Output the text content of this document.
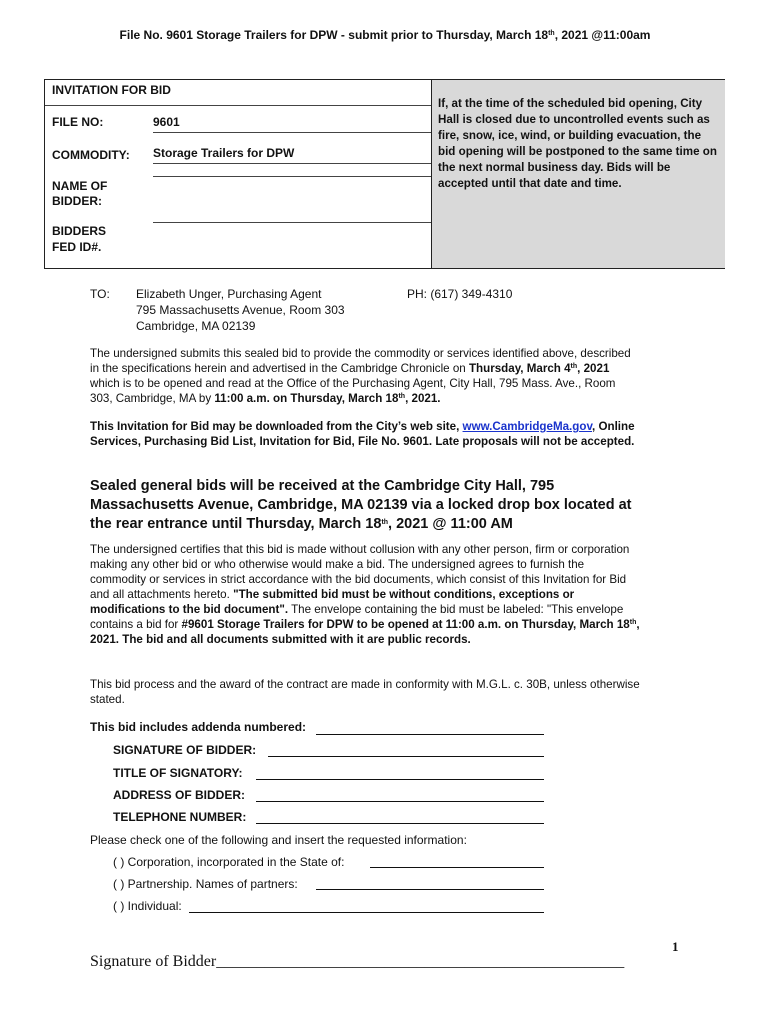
File No. 9601 Storage Trailers for DPW - submit prior to Thursday, March 18th, 2021 @11:00am
INVITATION FOR BID
FILE NO:	9601
COMMODITY: Storage Trailers for DPW
NAME OF
BIDDER:
BIDDERS
FED ID#.
If, at the time of the scheduled bid opening, City Hall is closed due to uncontrolled events such as fire, snow, ice, wind, or building evacuation, the bid opening will be postponed to the same time on the next normal business day. Bids will be accepted until that date and time.
TO: Elizabeth Unger, Purchasing Agent
795 Massachusetts Avenue, Room 303
Cambridge, MA 02139
PH: (617) 349-4310
The undersigned submits this sealed bid to provide the commodity or services identified above, described in the specifications herein and advertised in the Cambridge Chronicle on Thursday, March 4th, 2021 which is to be opened and read at the Office of the Purchasing Agent, City Hall, 795 Mass. Ave., Room 303, Cambridge, MA by 11:00 a.m. on Thursday, March 18th, 2021.
This Invitation for Bid may be downloaded from the City’s web site, www.CambridgeMa.gov, Online Services, Purchasing Bid List, Invitation for Bid, File No. 9601. Late proposals will not be accepted.
Sealed general bids will be received at the Cambridge City Hall, 795 Massachusetts Avenue, Cambridge, MA 02139 via a locked drop box located at the rear entrance until Thursday, March 18th, 2021 @ 11:00 AM
The undersigned certifies that this bid is made without collusion with any other person, firm or corporation making any other bid or who otherwise would make a bid. The undersigned agrees to furnish the commodity or services in strict accordance with the bid documents, which consist of this Invitation for Bid and all attachments hereto. "The submitted bid must be without conditions, exceptions or modifications to the bid document". The envelope containing the bid must be labeled: "This envelope contains a bid for #9601 Storage Trailers for DPW to be opened at 11:00 a.m. on Thursday, March 18th, 2021. The bid and all documents submitted with it are public records.
This bid process and the award of the contract are made in conformity with M.G.L. c. 30B, unless otherwise stated.
This bid includes addenda numbered:
SIGNATURE OF BIDDER:
TITLE OF SIGNATORY:
ADDRESS OF BIDDER:
TELEPHONE NUMBER:
Please check one of the following and insert the requested information:
( ) Corporation, incorporated in the State of:
( ) Partnership. Names of partners:
( ) Individual:
1
Signature of Bidder___________________________________________________
